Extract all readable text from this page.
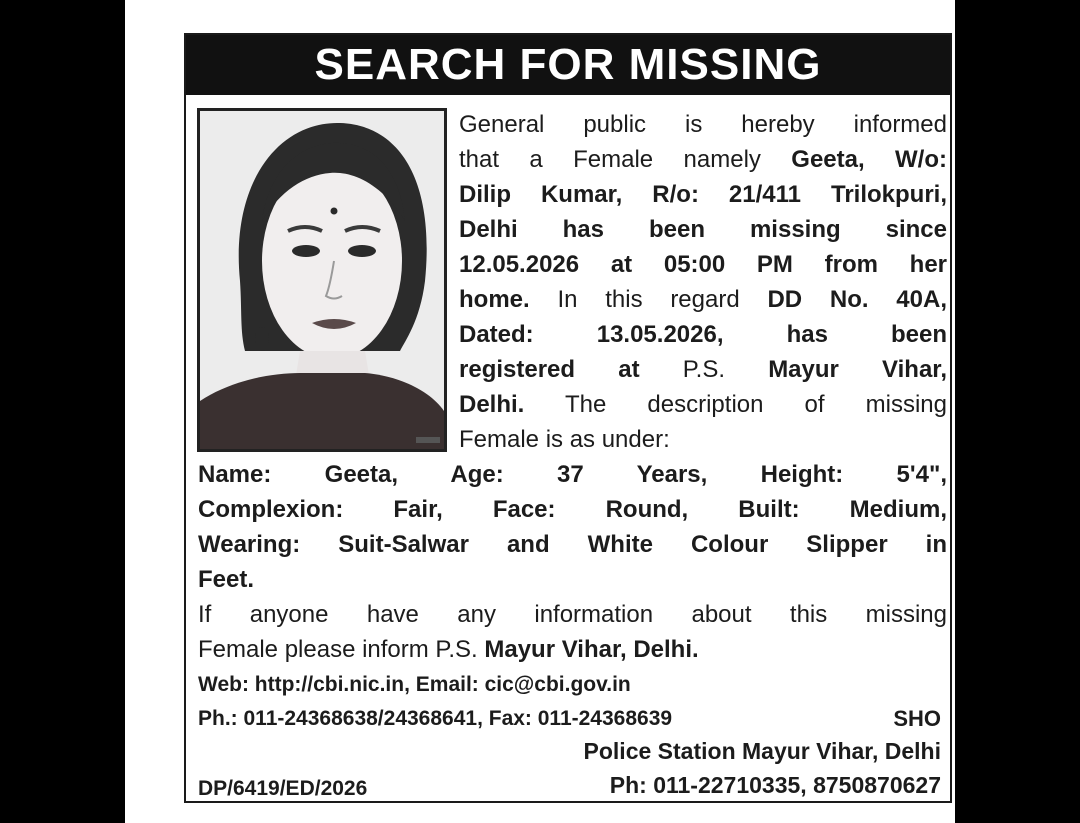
SEARCH FOR MISSING
General public is hereby informed
that a Female namely Geeta, W/o:
Dilip Kumar, R/o: 21/411 Trilokpuri,
Delhi has been missing since
12.05.2026 at 05:00 PM from her
home. In this regard DD No. 40A,
Dated: 13.05.2026, has been
registered at P.S. Mayur Vihar,
Delhi. The description of missing
Female is as under:
Name: Geeta, Age: 37 Years, Height: 5'4",
Complexion: Fair, Face: Round, Built: Medium,
Wearing: Suit-Salwar and White Colour Slipper in
Feet.
If anyone have any information about this missing
Female please inform P.S. Mayur Vihar, Delhi.
Web: http://cbi.nic.in, Email: cic@cbi.gov.in
Ph.: 011-24368638/24368641, Fax: 011-24368639	SHO
Police Station Mayur Vihar, Delhi
Ph: 011-22710335, 8750870627
DP/6419/ED/2026
